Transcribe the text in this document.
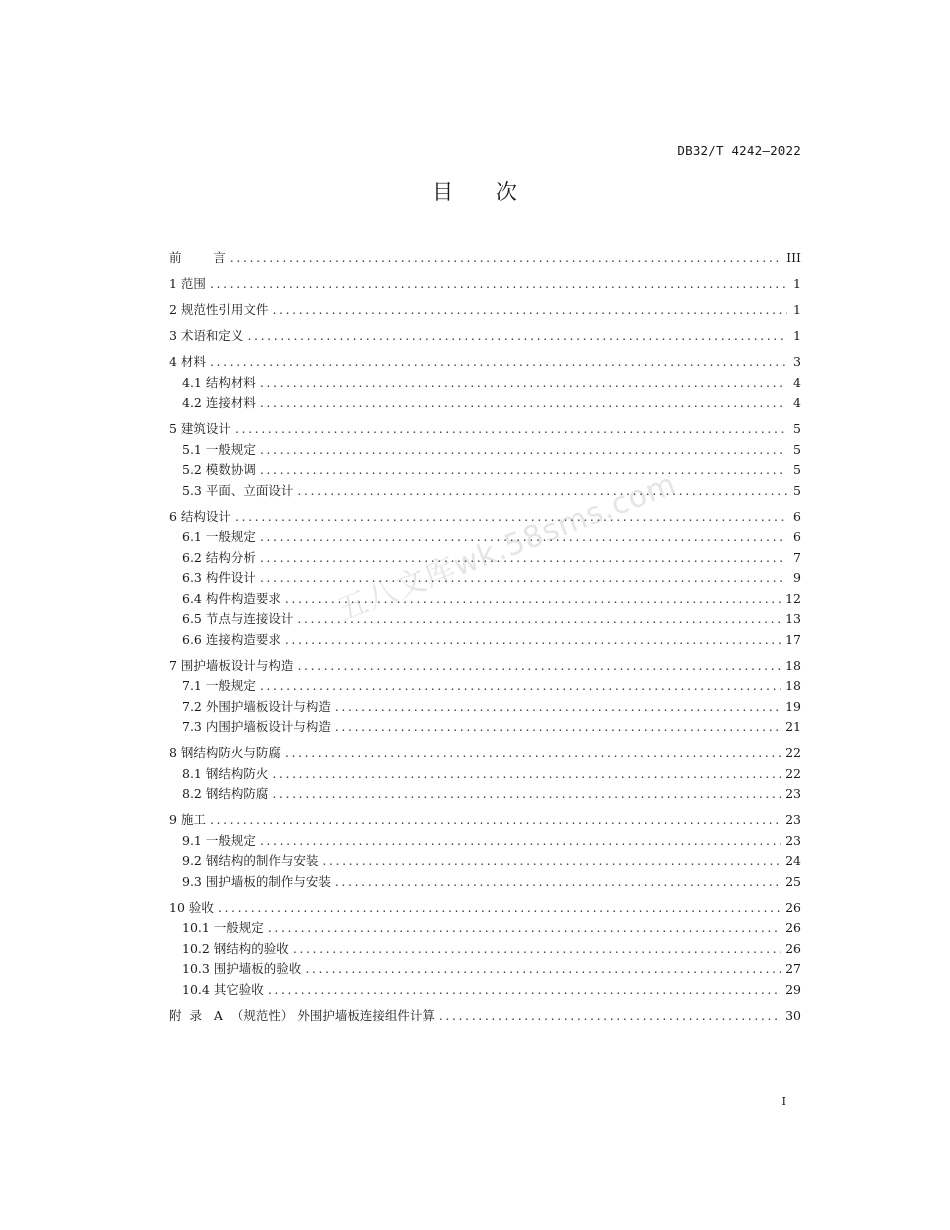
DB32/T 4242—2022
目 次
五八文库wk.58sms.com
前        言 .....	III
1 范围 .....	1
2 规范性引用文件 .....	1
3 术语和定义 .....	1
4 材料 .....	3
4.1 结构材料 .....	4
4.2 连接材料 .....	4
5 建筑设计 .....	5
5.1 一般规定 .....	5
5.2 模数协调 .....	5
5.3 平面、立面设计 .....	5
6 结构设计 .....	6
6.1 一般规定 .....	6
6.2 结构分析 .....	7
6.3 构件设计 .....	9
6.4 构件构造要求 .....	12
6.5 节点与连接设计 .....	13
6.6 连接构造要求 .....	17
7 围护墙板设计与构造 .....	18
7.1 一般规定 .....	18
7.2 外围护墙板设计与构造 .....	19
7.3 内围护墙板设计与构造 .....	21
8 钢结构防火与防腐 .....	22
8.1 钢结构防火 .....	22
8.2 钢结构防腐 .....	23
9 施工 .....	23
9.1 一般规定 .....	23
9.2 钢结构的制作与安装 .....	24
9.3 围护墙板的制作与安装 .....	25
10 验收 .....	26
10.1 一般规定 .....	26
10.2 钢结构的验收 .....	26
10.3 围护墙板的验收 .....	27
10.4 其它验收 .....	29
附  录   A  （规范性） 外围护墙板连接组件计算 .....	30
I
